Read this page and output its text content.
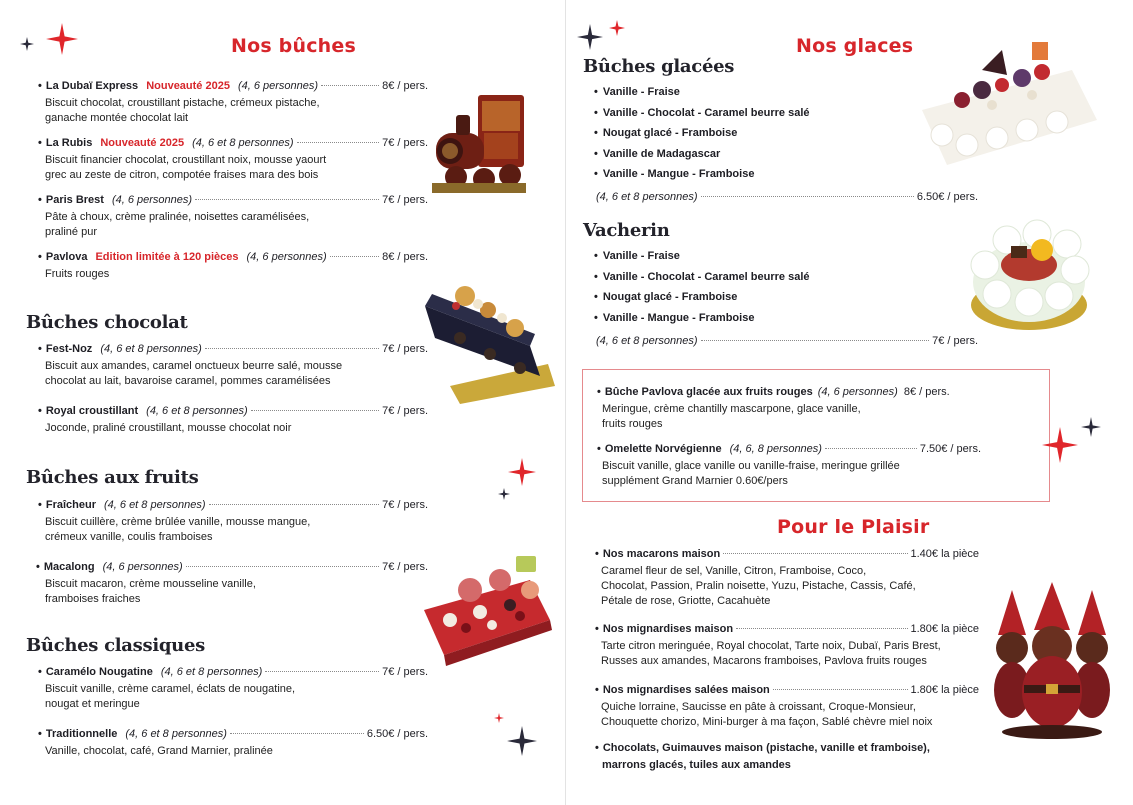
Nos bûches
• La Dubaï Express Nouveauté 2025 (4, 6 personnes)	8€ / pers.
Biscuit chocolat, croustillant pistache, crémeux pistache,
ganache montée chocolat lait
• La Rubis Nouveauté 2025 (4, 6 et 8 personnes)	7€ / pers.
Biscuit financier chocolat, croustillant noix, mousse yaourt
grec au zeste de citron, compotée fraises mara des bois
• Paris Brest (4, 6 personnes)	7€ / pers.
Pâte à choux, crème pralinée, noisettes caramélisées,
praliné pur
• Pavlova Edition limitée à 120 pièces (4, 6 personnes)	8€ / pers.
Fruits rouges
Bûches chocolat
• Fest-Noz (4, 6 et 8 personnes)	7€ / pers.
Biscuit aux amandes, caramel onctueux beurre salé, mousse
chocolat au lait, bavaroise caramel, pommes caramélisées
• Royal croustillant (4, 6 et 8 personnes)	7€ / pers.
Joconde, praliné croustillant, mousse chocolat noir
Bûches aux fruits
• Fraîcheur (4, 6 et 8 personnes)	7€ / pers.
Biscuit cuillère, crème brûlée vanille, mousse mangue,
crémeux vanille, coulis framboises
• Macalong (4, 6 personnes)	7€ / pers.
Biscuit macaron, crème mousseline vanille,
framboises fraiches
Bûches classiques
• Caramélo Nougatine (4, 6 et 8 personnes)	7€ / pers.
Biscuit vanille, crème caramel, éclats de nougatine,
nougat et meringue
• Traditionnelle (4, 6 et 8 personnes)	6.50€ / pers.
Vanille, chocolat, café, Grand Marnier, pralinée
Nos glaces
Bûches glacées
• Vanille - Fraise
• Vanille - Chocolat - Caramel beurre salé
• Nougat glacé - Framboise
• Vanille de Madagascar
• Vanille - Mangue - Framboise
(4, 6 et 8 personnes)	6.50€ / pers.
Vacherin
• Vanille - Fraise
• Vanille - Chocolat - Caramel beurre salé
• Nougat glacé - Framboise
• Vanille - Mangue - Framboise
(4, 6 et 8 personnes)	7€ / pers.
• Bûche Pavlova glacée aux fruits rouges (4, 6 personnes) 8€ / pers.
Meringue, crème chantilly mascarpone, glace vanille,
fruits rouges
• Omelette Norvégienne (4, 6, 8 personnes)	7.50€ / pers.
Biscuit vanille, glace vanille ou vanille-fraise, meringue grillée
supplément Grand Marnier 0.60€/pers
Pour le Plaisir
• Nos macarons maison	1.40€ la pièce
Caramel fleur de sel, Vanille, Citron, Framboise, Coco,
Chocolat, Passion, Pralin noisette, Yuzu, Pistache, Cassis, Café,
Pétale de rose, Griotte, Cacahuète
• Nos mignardises maison	1.80€ la pièce
Tarte citron meringuée, Royal chocolat, Tarte noix, Dubaï, Paris Brest,
Russes aux amandes, Macarons framboises, Pavlova fruits rouges
• Nos mignardises salées maison	1.80€ la pièce
Quiche lorraine, Saucisse en pâte à croissant, Croque-Monsieur,
Chouquette chorizo, Mini-burger à ma façon, Sablé chèvre miel noix
• Chocolats, Guimauves maison (pistache, vanille et framboise),
marrons glacés, tuiles aux amandes
